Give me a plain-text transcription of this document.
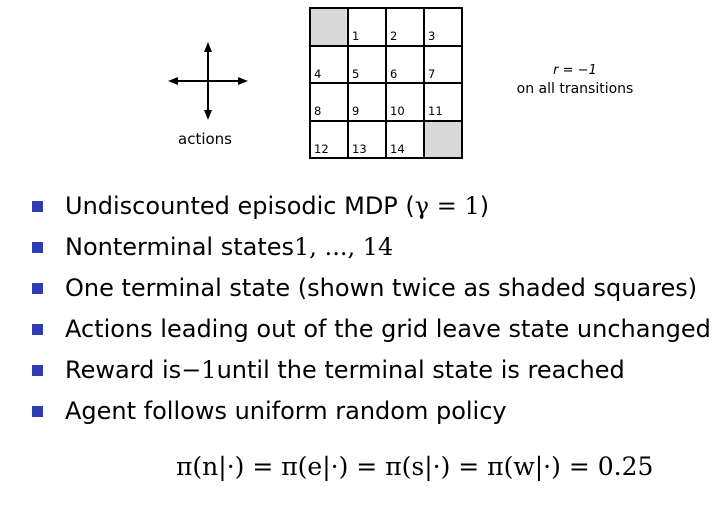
actions
1	2	3
4	5	6	7
8	9	10 11
12 13 14
r = −1
on all transitions
Undiscounted episodic MDP ( γ = 1 )
Nonterminal states 1, ..., 14
One terminal state (shown twice as shaded squares)
Actions leading out of the grid leave state unchanged
Reward is −1 until the terminal state is reached
Agent follows uniform random policy
π(n|·) = π(e|·) = π(s|·) = π(w|·) = 0.25
